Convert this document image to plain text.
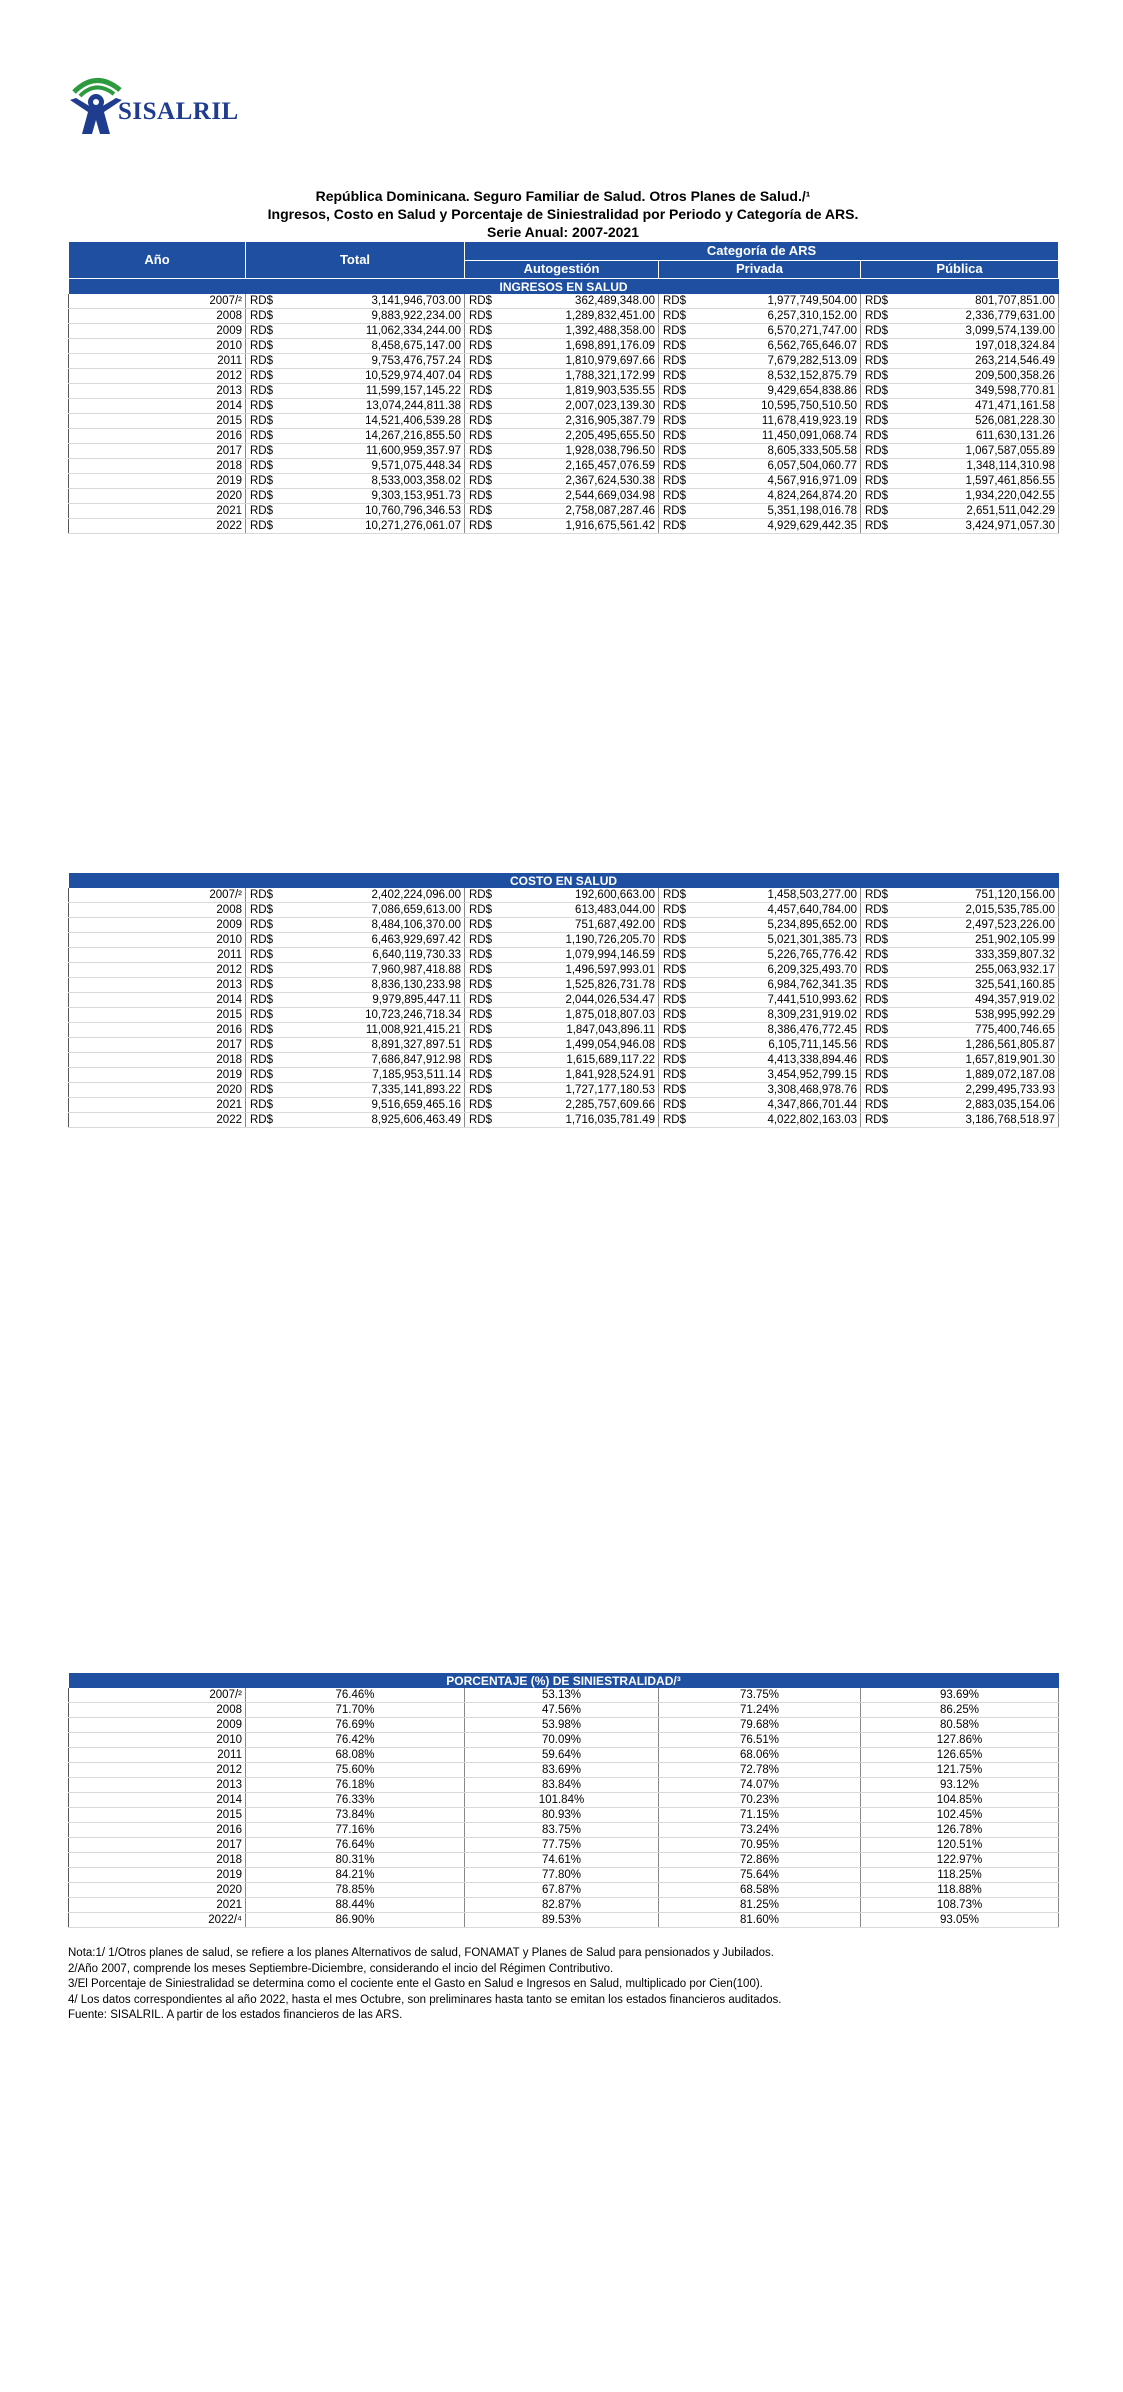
SISALRIL
República Dominicana. Seguro Familiar de Salud. Otros Planes de Salud./¹
Ingresos, Costo en Salud y Porcentaje de Siniestralidad por Periodo y Categoría de ARS.
Serie Anual: 2007-2021
Año	Total		Categoría de ARS					
			Autogestión		Privada		Pública	
INGRESOS EN SALUD								
2007/²	RD$	3,141,946,703.00	RD$	362,489,348.00	RD$	1,977,749,504.00	RD$	801,707,851.00
2008	RD$	9,883,922,234.00	RD$	1,289,832,451.00	RD$	6,257,310,152.00	RD$	2,336,779,631.00
2009	RD$	11,062,334,244.00	RD$	1,392,488,358.00	RD$	6,570,271,747.00	RD$	3,099,574,139.00
2010	RD$	8,458,675,147.00	RD$	1,698,891,176.09	RD$	6,562,765,646.07	RD$	197,018,324.84
2011	RD$	9,753,476,757.24	RD$	1,810,979,697.66	RD$	7,679,282,513.09	RD$	263,214,546.49
2012	RD$	10,529,974,407.04	RD$	1,788,321,172.99	RD$	8,532,152,875.79	RD$	209,500,358.26
2013	RD$	11,599,157,145.22	RD$	1,819,903,535.55	RD$	9,429,654,838.86	RD$	349,598,770.81
2014	RD$	13,074,244,811.38	RD$	2,007,023,139.30	RD$	10,595,750,510.50	RD$	471,471,161.58
2015	RD$	14,521,406,539.28	RD$	2,316,905,387.79	RD$	11,678,419,923.19	RD$	526,081,228.30
2016	RD$	14,267,216,855.50	RD$	2,205,495,655.50	RD$	11,450,091,068.74	RD$	611,630,131.26
2017	RD$	11,600,959,357.97	RD$	1,928,038,796.50	RD$	8,605,333,505.58	RD$	1,067,587,055.89
2018	RD$	9,571,075,448.34	RD$	2,165,457,076.59	RD$	6,057,504,060.77	RD$	1,348,114,310.98
2019	RD$	8,533,003,358.02	RD$	2,367,624,530.38	RD$	4,567,916,971.09	RD$	1,597,461,856.55
2020	RD$	9,303,153,951.73	RD$	2,544,669,034.98	RD$	4,824,264,874.20	RD$	1,934,220,042.55
2021	RD$	10,760,796,346.53	RD$	2,758,087,287.46	RD$	5,351,198,016.78	RD$	2,651,511,042.29
2022	RD$	10,271,276,061.07	RD$	1,916,675,561.42	RD$	4,929,629,442.35	RD$	3,424,971,057.30
COSTO EN SALUD								
2007/²	RD$	2,402,224,096.00	RD$	192,600,663.00	RD$	1,458,503,277.00	RD$	751,120,156.00
2008	RD$	7,086,659,613.00	RD$	613,483,044.00	RD$	4,457,640,784.00	RD$	2,015,535,785.00
2009	RD$	8,484,106,370.00	RD$	751,687,492.00	RD$	5,234,895,652.00	RD$	2,497,523,226.00
2010	RD$	6,463,929,697.42	RD$	1,190,726,205.70	RD$	5,021,301,385.73	RD$	251,902,105.99
2011	RD$	6,640,119,730.33	RD$	1,079,994,146.59	RD$	5,226,765,776.42	RD$	333,359,807.32
2012	RD$	7,960,987,418.88	RD$	1,496,597,993.01	RD$	6,209,325,493.70	RD$	255,063,932.17
2013	RD$	8,836,130,233.98	RD$	1,525,826,731.78	RD$	6,984,762,341.35	RD$	325,541,160.85
2014	RD$	9,979,895,447.11	RD$	2,044,026,534.47	RD$	7,441,510,993.62	RD$	494,357,919.02
2015	RD$	10,723,246,718.34	RD$	1,875,018,807.03	RD$	8,309,231,919.02	RD$	538,995,992.29
2016	RD$	11,008,921,415.21	RD$	1,847,043,896.11	RD$	8,386,476,772.45	RD$	775,400,746.65
2017	RD$	8,891,327,897.51	RD$	1,499,054,946.08	RD$	6,105,711,145.56	RD$	1,286,561,805.87
2018	RD$	7,686,847,912.98	RD$	1,615,689,117.22	RD$	4,413,338,894.46	RD$	1,657,819,901.30
2019	RD$	7,185,953,511.14	RD$	1,841,928,524.91	RD$	3,454,952,799.15	RD$	1,889,072,187.08
2020	RD$	7,335,141,893.22	RD$	1,727,177,180.53	RD$	3,308,468,978.76	RD$	2,299,495,733.93
2021	RD$	9,516,659,465.16	RD$	2,285,757,609.66	RD$	4,347,866,701.44	RD$	2,883,035,154.06
2022	RD$	8,925,606,463.49	RD$	1,716,035,781.49	RD$	4,022,802,163.03	RD$	3,186,768,518.97
PORCENTAJE (%) DE SINIESTRALIDAD/³				
2007/²	76.46%	53.13%	73.75%	93.69%
2008	71.70%	47.56%	71.24%	86.25%
2009	76.69%	53.98%	79.68%	80.58%
2010	76.42%	70.09%	76.51%	127.86%
2011	68.08%	59.64%	68.06%	126.65%
2012	75.60%	83.69%	72.78%	121.75%
2013	76.18%	83.84%	74.07%	93.12%
2014	76.33%	101.84%	70.23%	104.85%
2015	73.84%	80.93%	71.15%	102.45%
2016	77.16%	83.75%	73.24%	126.78%
2017	76.64%	77.75%	70.95%	120.51%
2018	80.31%	74.61%	72.86%	122.97%
2019	84.21%	77.80%	75.64%	118.25%
2020	78.85%	67.87%	68.58%	118.88%
2021	88.44%	82.87%	81.25%	108.73%
2022/⁴	86.90%	89.53%	81.60%	93.05%
Nota:1/ 1/Otros planes de salud, se refiere a los planes Alternativos de salud, FONAMAT y Planes de Salud para pensionados y Jubilados.
2/Año 2007, comprende los meses Septiembre-Diciembre, considerando el incio del Régimen Contributivo.
3/El Porcentaje de Siniestralidad se determina como el cociente ente el Gasto en Salud e Ingresos en Salud, multiplicado por Cien(100).
4/ Los datos correspondientes al año 2022, hasta el mes Octubre, son preliminares hasta tanto se emitan los estados financieros auditados.
Fuente: SISALRIL. A partir de los estados financieros de las ARS.
